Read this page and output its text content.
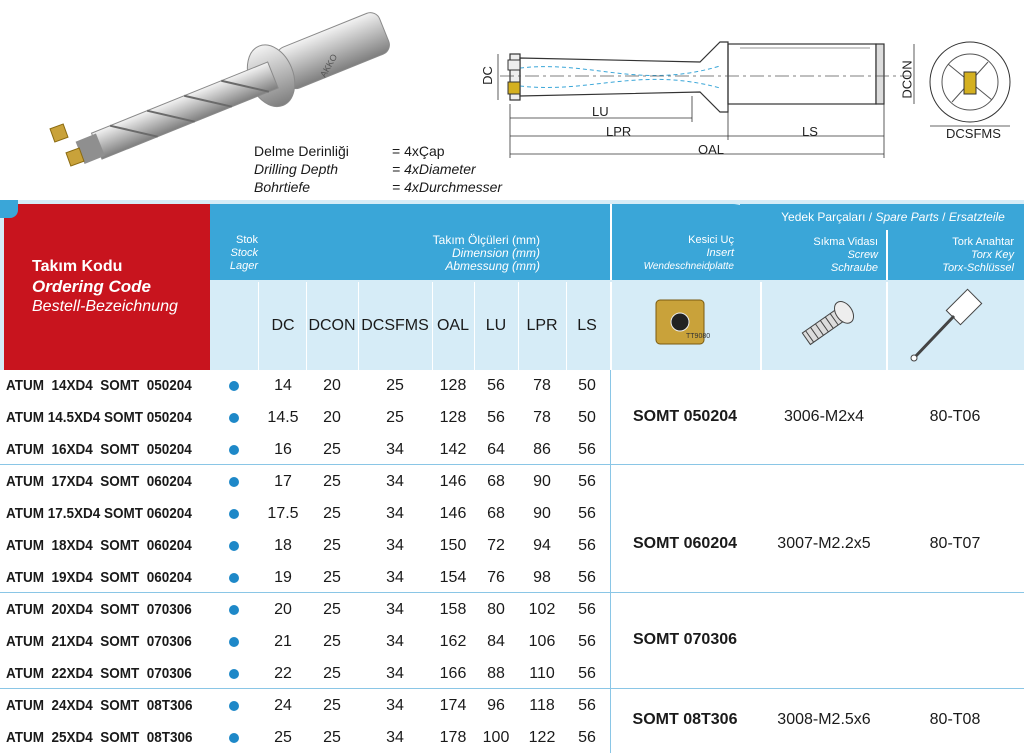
AKKO
Delme Derinliği	= 4xÇap
Drilling Depth	= 4xDiameter
Bohrtiefe	= 4xDurchmesser
DC
LU
LPR	LS
OAL
DCON
DCSFMS
Takım Kodu
Ordering Code
Bestell-Bezeichnung
Stok
Stock
Lager
Takım Ölçüleri (mm)
Dimension (mm)
Abmessung (mm)
Kesici Uç
Insert
Wendeschneidplatte
Yedek Parçaları / Spare Parts / Ersatzteile
Sıkma Vidası
Screw
Schraube
Tork Anahtar
Torx Key
Torx-Schlüssel
DC DCON DCSFMS OAL	LU	LPR	LS
TT9080
ATUM  14XD4  SOMT  050204	14	20	25	128	56	78	50
ATUM 14.5XD4 SOMT 050204	14.5	20	25	128	56	78	50
ATUM  16XD4  SOMT  050204	16	25	34	142	64	86	56
ATUM  17XD4  SOMT  060204	17	25	34	146	68	90	56
ATUM 17.5XD4 SOMT 060204	17.5	25	34	146	68	90	56
ATUM  18XD4  SOMT  060204	18	25	34	150	72	94	56
ATUM  19XD4  SOMT  060204	19	25	34	154	76	98	56
ATUM  20XD4  SOMT  070306	20	25	34	158	80	102	56
ATUM  21XD4  SOMT  070306	21	25	34	162	84	106	56
ATUM  22XD4  SOMT  070306	22	25	34	166	88	110	56
ATUM  24XD4  SOMT  08T306	24	25	34	174	96	118	56
ATUM  25XD4  SOMT  08T306	25	25	34	178	100	122	56
SOMT 050204	3006-M2x4	80-T06
SOMT 060204	3007-M2.2x5	80-T07
SOMT 070306
SOMT 08T306	3008-M2.5x6	80-T08
